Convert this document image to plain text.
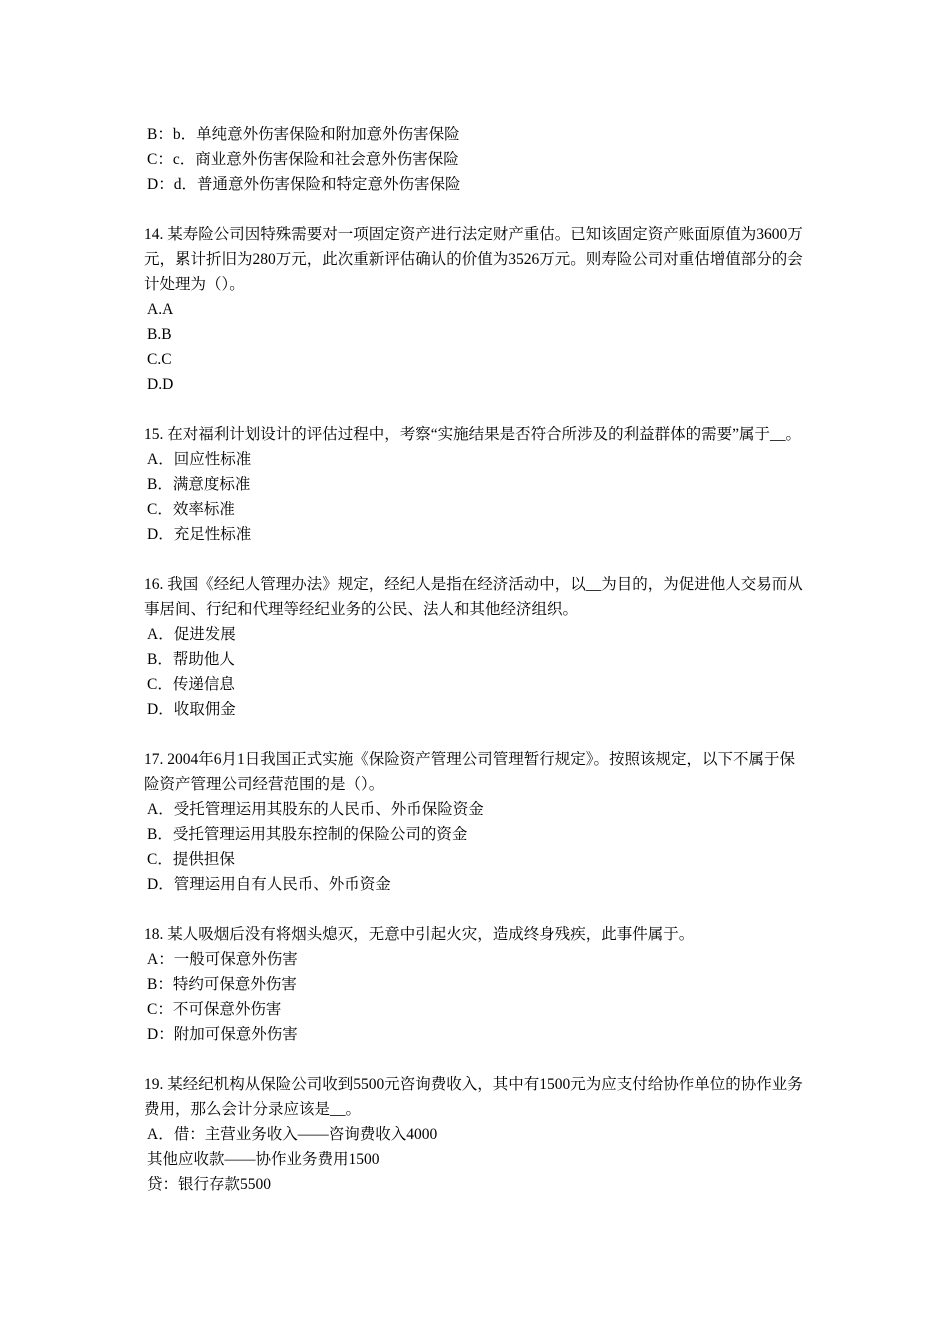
B：b．单纯意外伤害保险和附加意外伤害保险
C：c．商业意外伤害保险和社会意外伤害保险
D：d．普通意外伤害保险和特定意外伤害保险

14. 某寿险公司因特殊需要对一项固定资产进行法定财产重估。已知该固定资产账面原值为3600万元，累计折旧为280万元，此次重新评估确认的价值为3526万元。则寿险公司对重估增值部分的会计处理为（）。

A.A
B.B
C.C
D.D

15. 在对福利计划设计的评估过程中，考察“实施结果是否符合所涉及的利益群体的需要”属于__。

A．回应性标准
B．满意度标准
C．效率标准
D．充足性标准

16. 我国《经纪人管理办法》规定，经纪人是指在经济活动中，以__为目的，为促进他人交易而从事居间、行纪和代理等经纪业务的公民、法人和其他经济组织。

A．促进发展
B．帮助他人
C．传递信息
D．收取佣金

17. 2004年6月1日我国正式实施《保险资产管理公司管理暂行规定》。按照该规定，以下不属于保险资产管理公司经营范围的是（）。

A．受托管理运用其股东的人民币、外币保险资金
B．受托管理运用其股东控制的保险公司的资金
C．提供担保
D．管理运用自有人民币、外币资金

18. 某人吸烟后没有将烟头熄灭，无意中引起火灾，造成终身残疾，此事件属于。

A：一般可保意外伤害
B：特约可保意外伤害
C：不可保意外伤害
D：附加可保意外伤害

19. 某经纪机构从保险公司收到5500元咨询费收入，其中有1500元为应支付给协作单位的协作业务费用，那么会计分录应该是__。

A．借：主营业务收入——咨询费收入4000
其他应收款——协作业务费用1500
贷：银行存款5500
